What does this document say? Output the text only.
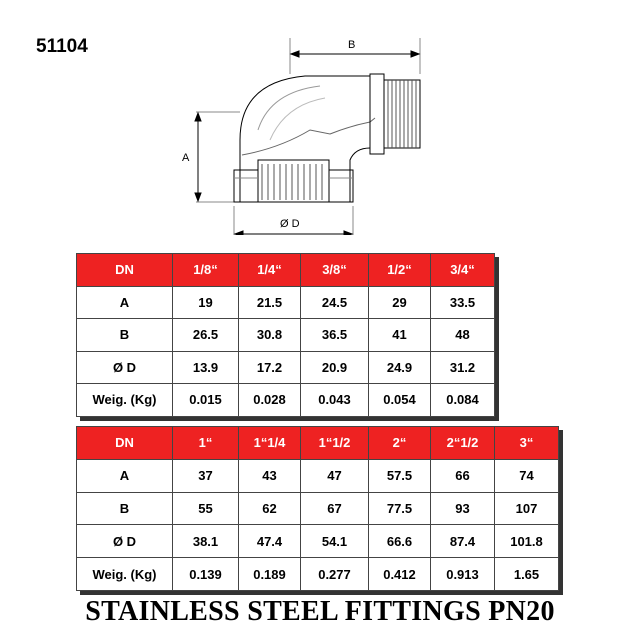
51104	B
A
Ø D
DN	1/8“	1/4“	3/8“	1/2“	3/4“
A	19	21.5	24.5	29	33.5
B	26.5	30.8	36.5	41	48
Ø D	13.9	17.2	20.9	24.9	31.2
Weig. (Kg)	0.015	0.028	0.043	0.054	0.084
DN	1“	1“1/4	1“1/2	2“	2“1/2	3“
A	37	43	47	57.5	66	74
B	55	62	67	77.5	93	107
Ø D	38.1	47.4	54.1	66.6	87.4	101.8
Weig. (Kg)	0.139	0.189	0.277	0.412	0.913	1.65
STAINLESS STEEL FITTINGS PN20
